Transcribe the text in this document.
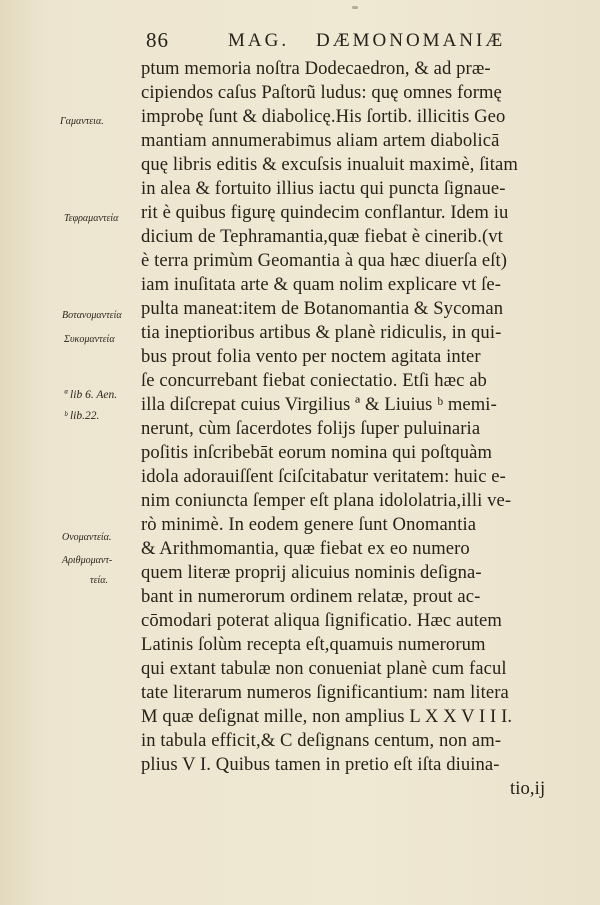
86	MAG. DÆMONOMANIÆ
Γαμαντεια.
Τεφραμαντεία
Βοτανομαντεία
Συκομαντεία
ª lib 6. Aen.
ᵇ lib.22.
Ονομαντεία.
Αριθμομαντ-
τεία.
ptum memoria noſtra Dodecaedron, & ad præ-
cipiendos caſus Paſtorũ ludus: quę omnes formę
improbę ſunt & diabolicę.His ſortib. illicitis Geo
mantiam annumerabimus aliam artem diabolicā
quę libris editis & excuſsis inualuit maximè, ſitam
in alea & fortuito illius iactu qui puncta ſignaue-
rit è quibus figurę quindecim conflantur. Idem iu
dicium de Tephramantia,quæ fiebat è cinerib.(vt
è terra primùm Geomantia à qua hæc diuerſa eſt)
iam inuſitata arte & quam nolim explicare vt ſe-
pulta maneat:item de Botanomantia & Sycoman
tia ineptioribus artibus & planè ridiculis, in qui-
bus prout folia vento per noctem agitata inter
ſe concurrebant fiebat coniectatio. Etſi hæc ab
illa diſcrepat cuius Virgilius ª & Liuius ᵇ memi-
nerunt, cùm ſacerdotes folijs ſuper puluinaria
poſitis inſcribebāt eorum nomina qui poſtquàm
idola adorauiſſent ſciſcitabatur veritatem: huic e-
nim coniuncta ſemper eſt plana idololatria,illi ve-
rò minimè. In eodem genere ſunt Onomantia
& Arithmomantia, quæ fiebat ex eo numero
quem literæ proprij alicuius nominis deſigna-
bant in numerorum ordinem relatæ, prout ac-
cōmodari poterat aliqua ſignificatio. Hæc autem
Latinis ſolùm recepta eſt,quamuis numerorum
qui extant tabulæ non conueniat planè cum facul
tate literarum numeros ſignificantium: nam litera
M quæ deſignat mille, non amplius L X X V I I I.
in tabula efficit,& C deſignans centum, non am-
plius V I. Quibus tamen in pretio eſt iſta diuina-
tio,ij
